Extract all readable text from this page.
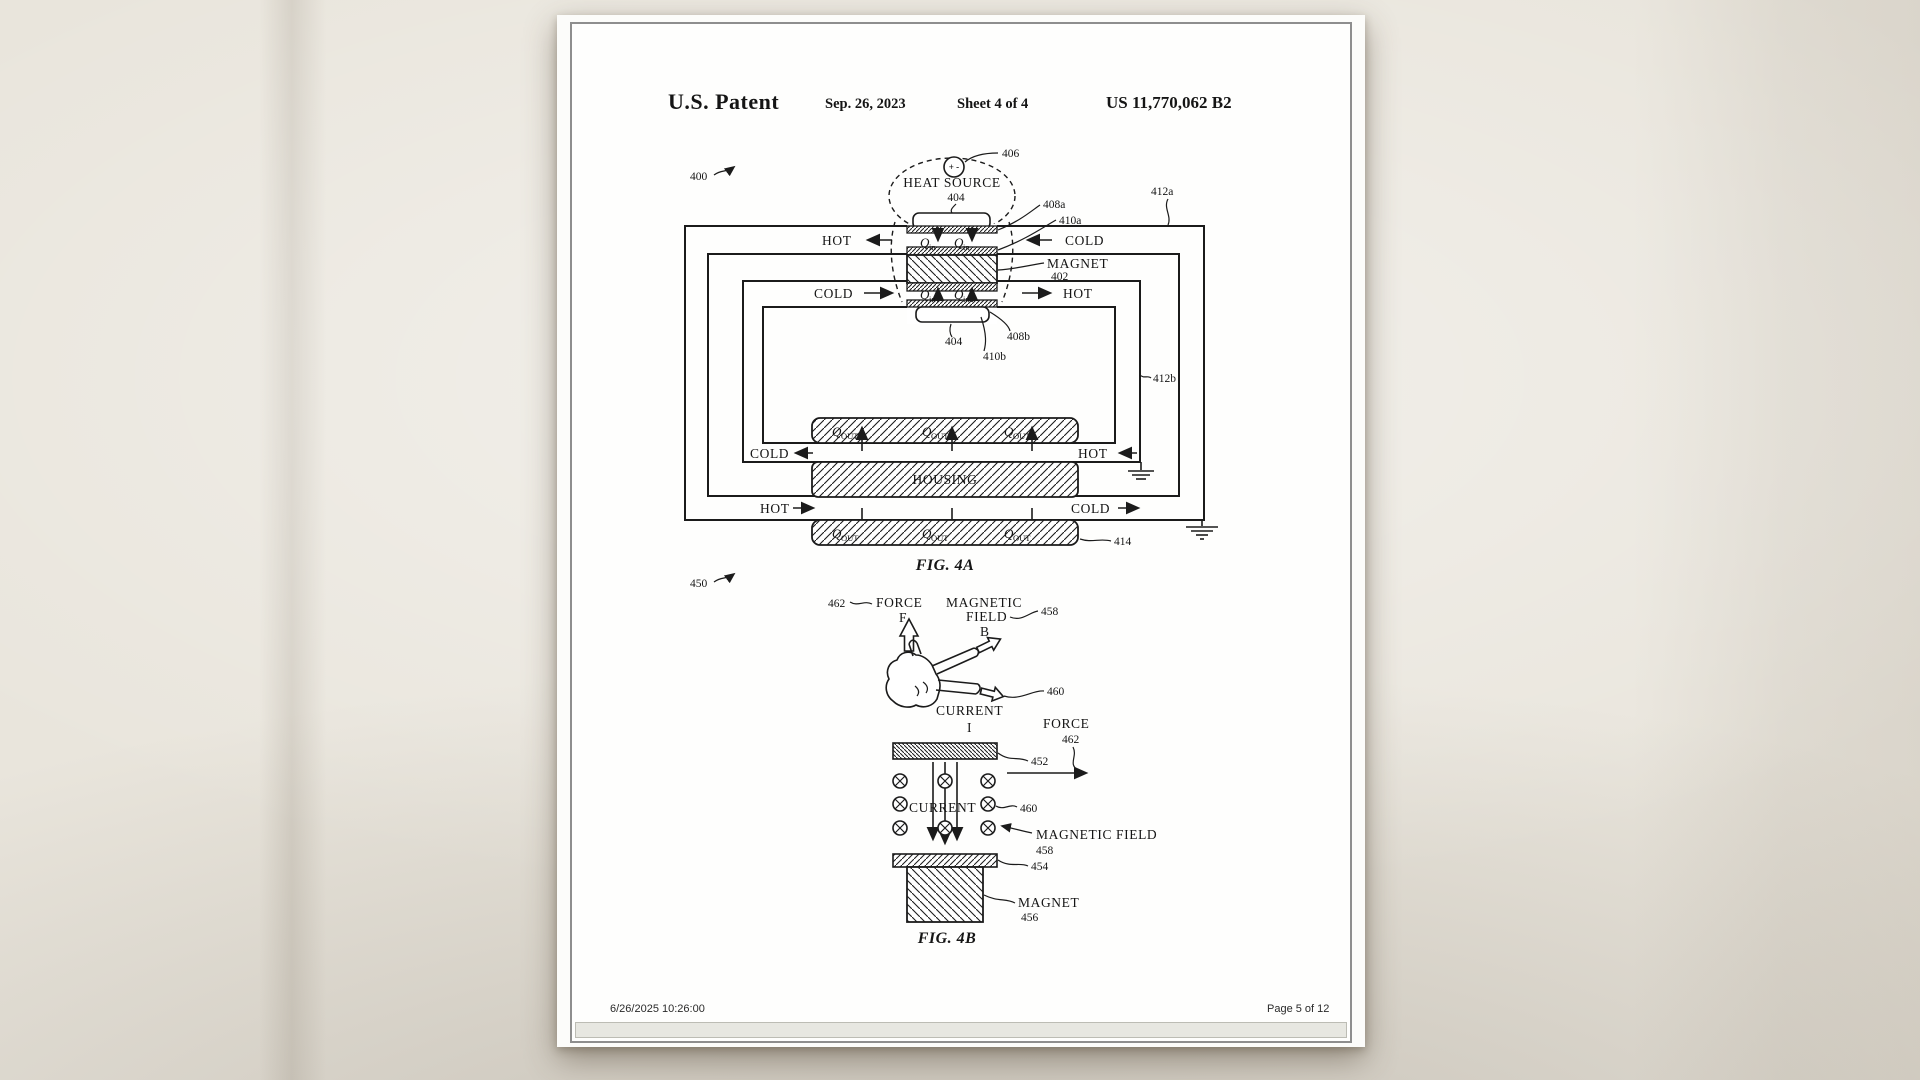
U.S. Patent	Sep. 26, 2023	Sheet 4 of 4	US 11,770,062 B2
400
+ -
406
HEAT SOURCE
404
Q in Q in
Q in Q in
HOT	COLD
COLD	HOT
408a
410a
MAGNET
402
412a
412b
408b
410b
404
Q OUT	Q OUT	Q OUT
COLD	HOT
HOUSING
HOT	COLD
Q OUT	Q OUT	Q OUT	414
FIG. 4A
450
462 FORCE
F
MAGNETIC
FIELD	458
B
CURRENT
I
460
FORCE
462
452
CURRENT	460
MAGNETIC FIELD
458
454
MAGNET
456
FIG. 4B
6/26/2025 10:26:00	Page 5 of 12
